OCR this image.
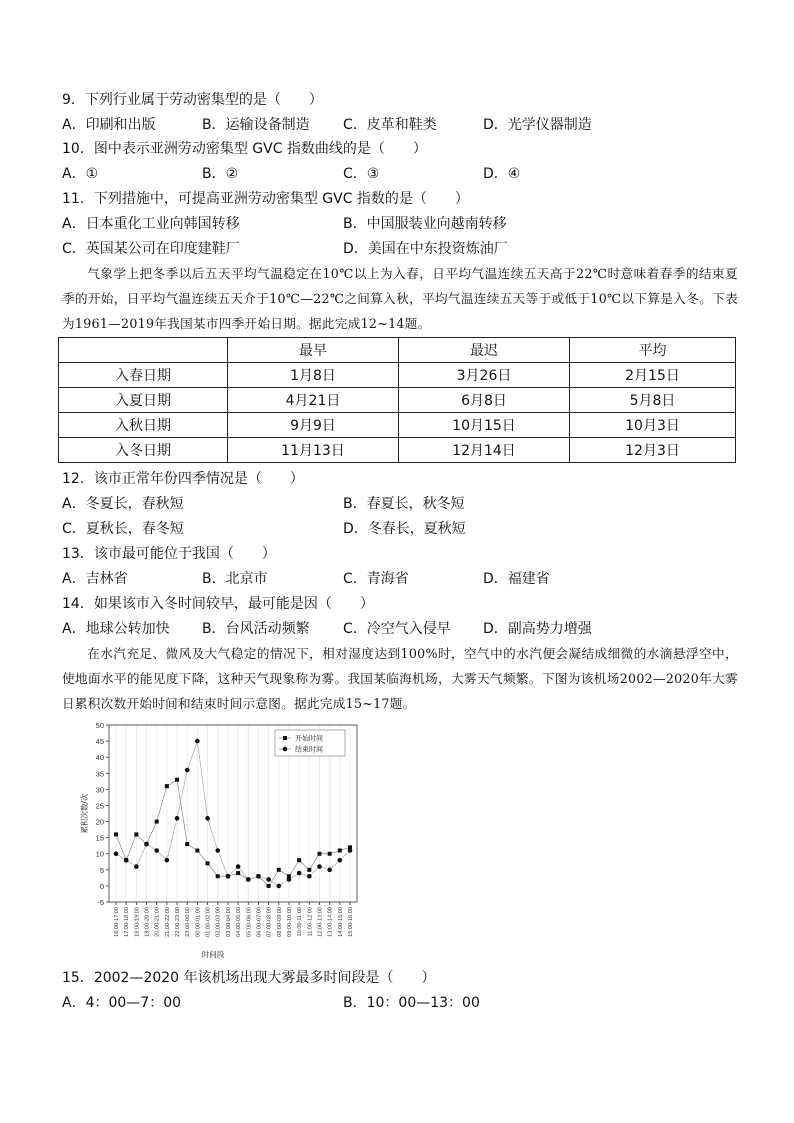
9．下列行业属于劳动密集型的是（　　）
A．印刷和出版	B．运输设备制造 C．皮革和鞋类	D．光学仪器制造
10．图中表示亚洲劳动密集型 GVC 指数曲线的是（　　）
A．①	B．②	C．③	D．④
11．下列措施中，可提高亚洲劳动密集型 GVC 指数的是（　　）
A．日本重化工业向韩国转移	B．中国服装业向越南转移
C．英国某公司在印度建鞋厂	D．美国在中东投资炼油厂

气象学上把冬季以后五天平均气温稳定在10℃以上为入春，日平均气温连续五天高于22℃时意味着春季的结束夏季的开始，日平均气温连续五天介于10℃—22℃之间算入秋，平均气温连续五天等于或低于10℃以下算是入冬。下表为1961—2019年我国某市四季开始日期。据此完成12~14题。

	最早	最迟	平均
入春日期	1月8日	3月26日	2月15日
入夏日期	4月21日	6月8日	5月8日
入秋日期	9月9日	10月15日	10月3日
入冬日期	11月13日	12月14日	12月3日
12．该市正常年份四季情况是（　　）
A．冬夏长，春秋短	B．春夏长，秋冬短
C．夏秋长，春冬短	D．冬春长，夏秋短
13．该市最可能位于我国（　　）
A．吉林省	B．北京市	C．青海省	D．福建省
14．如果该市入冬时间较早，最可能是因（　　）
A．地球公转加快 B．台风活动频繁 C．冷空气入侵早 D．副高势力增强

在水汽充足、微风及大气稳定的情况下，相对湿度达到100%时，空气中的水汽便会凝结成细微的水滴悬浮空中，使地面水平的能见度下降，这种天气现象称为雾。我国某临海机场，大雾天气频繁。下图为该机场2002—2020年大雾日累积次数开始时间和结束时间示意图。据此完成15~17题。

-5
0
5
10
15
20
25
30
35
40
45
50
累积次数/次
16:00-17:00 17:00-18:00 18:00-19:00 19:00-20:00 20:00-21:00 21:00-22:00 22:00-23:00 23:00-00:00 00:00-01:00 01:00-02:00 02:00-03:00 03:00-04:00 04:00-05:00 05:00-06:00 06:00-07:00 07:00-08:00 08:00-09:00 09:00-10:00 10:00-11:00 11:00-12:00 12:00-13:00 13:00-14:00 14:00-15:00 15:00-16:00
时间段
开始时间
结束时间
15．2002—2020 年该机场出现大雾最多时间段是（　　）
A．4：00—7：00	B．10：00—13：00
